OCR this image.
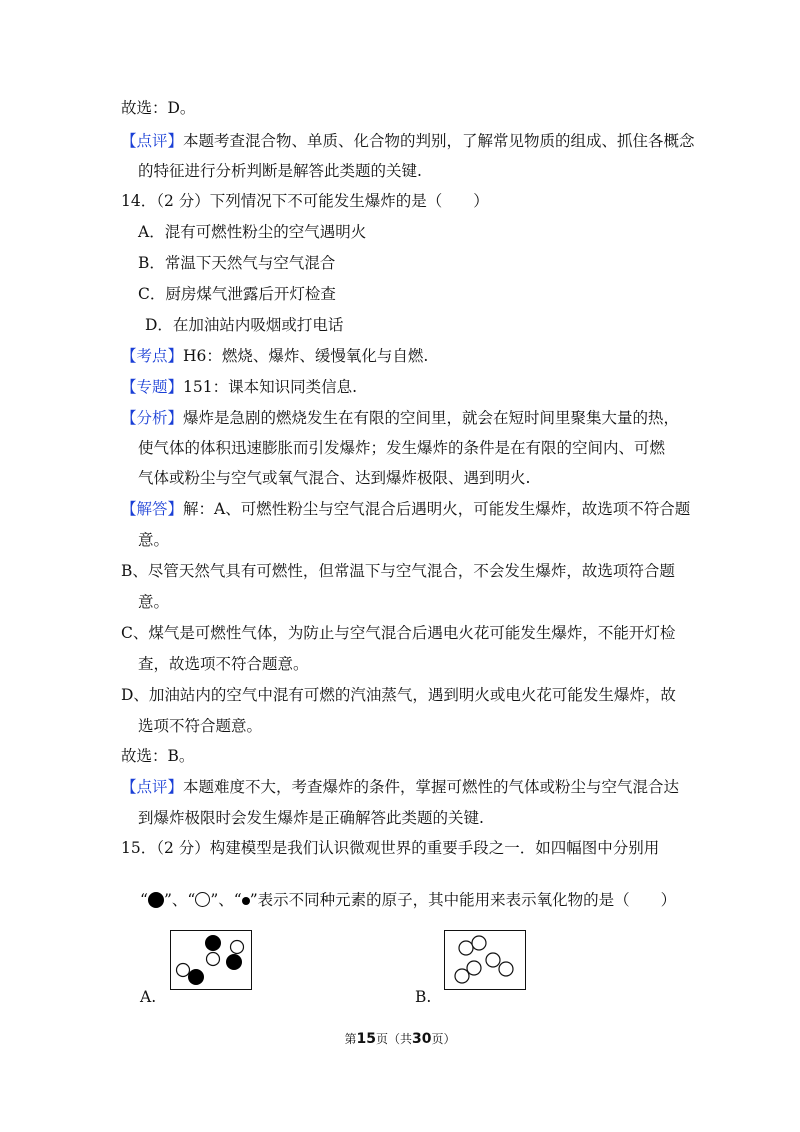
故选：D。
【点评】本题考查混合物、单质、化合物的判别，了解常见物质的组成、抓住各概念
的特征进行分析判断是解答此类题的关键.
14．（2 分）下列情况下不可能发生爆炸的是（　　）
A．混有可燃性粉尘的空气遇明火
B．常温下天然气与空气混合
C．厨房煤气泄露后开灯检查
D．在加油站内吸烟或打电话
【考点】H6：燃烧、爆炸、缓慢氧化与自燃.
【专题】151：课本知识同类信息.
【分析】爆炸是急剧的燃烧发生在有限的空间里，就会在短时间里聚集大量的热，
使气体的体积迅速膨胀而引发爆炸；发生爆炸的条件是在有限的空间内、可燃
气体或粉尘与空气或氧气混合、达到爆炸极限、遇到明火.
【解答】解：A、可燃性粉尘与空气混合后遇明火，可能发生爆炸，故选项不符合题
意。
B、尽管天然气具有可燃性，但常温下与空气混合，不会发生爆炸，故选项符合题
意。
C、煤气是可燃性气体，为防止与空气混合后遇电火花可能发生爆炸，不能开灯检
查，故选项不符合题意。
D、加油站内的空气中混有可燃的汽油蒸气，遇到明火或电火花可能发生爆炸，故
选项不符合题意。
故选：B。
【点评】本题难度不大，考查爆炸的条件，掌握可燃性的气体或粉尘与空气混合达
到爆炸极限时会发生爆炸是正确解答此类题的关键.
15．（2 分）构建模型是我们认识微观世界的重要手段之一．如四幅图中分别用
“ ”、“ ”、“ ”表示不同种元素的原子，其中能用来表示氧化物的是（　　）
A.	B.
第15页（共30页）
